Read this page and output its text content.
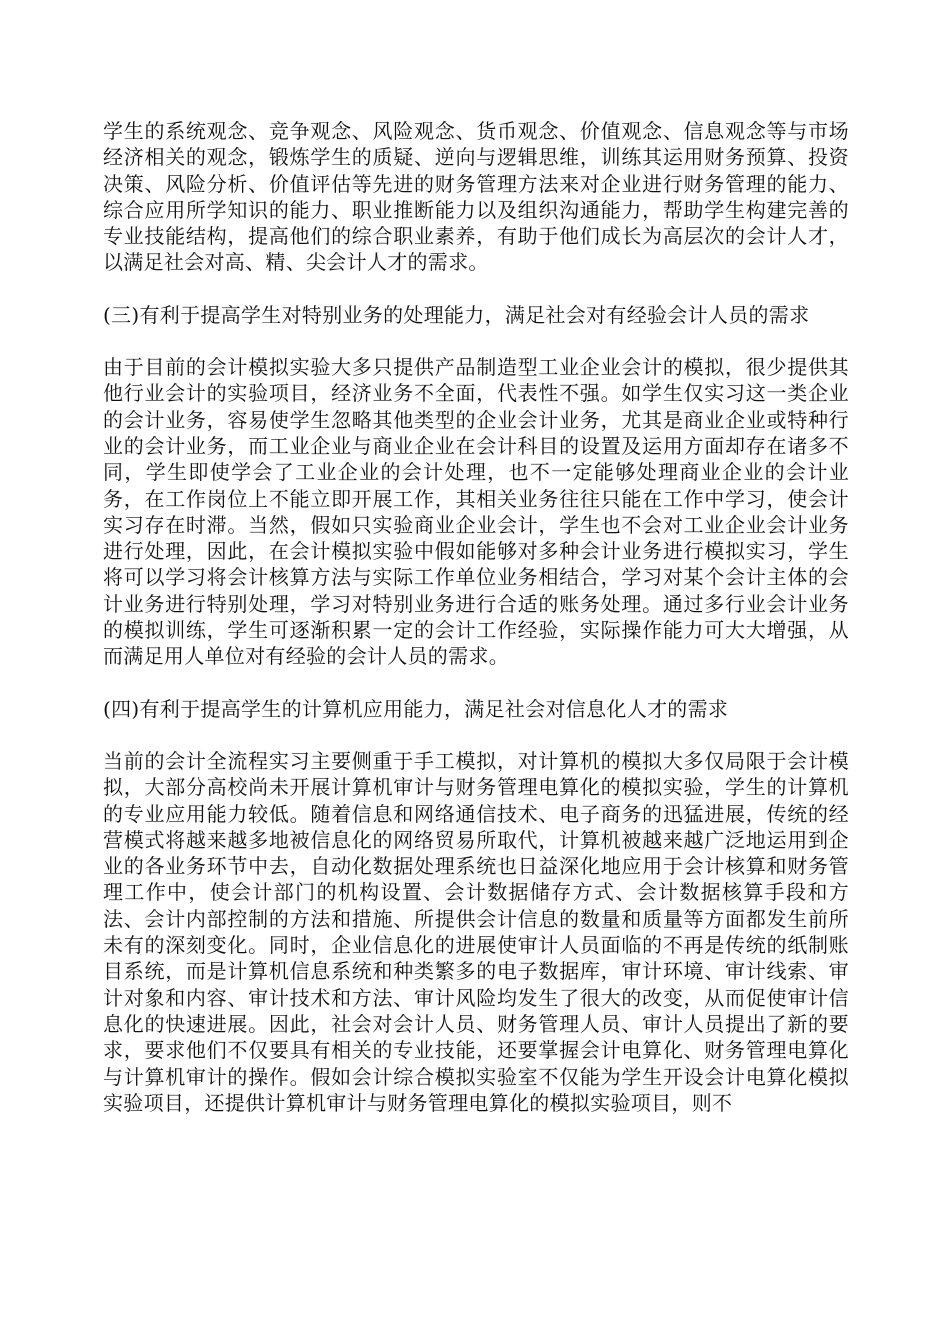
学生的系统观念、竞争观念、风险观念、货币观念、价值观念、信息观念等与市场经济相关的观念，锻炼学生的质疑、逆向与逻辑思维，训练其运用财务预算、投资决策、风险分析、价值评估等先进的财务管理方法来对企业进行财务管理的能力、综合应用所学知识的能力、职业推断能力以及组织沟通能力，帮助学生构建完善的专业技能结构，提高他们的综合职业素养，有助于他们成长为高层次的会计人才，以满足社会对高、精、尖会计人才的需求。

(三)有利于提高学生对特别业务的处理能力，满足社会对有经验会计人员的需求

由于目前的会计模拟实验大多只提供产品制造型工业企业会计的模拟，很少提供其他行业会计的实验项目，经济业务不全面，代表性不强。如学生仅实习这一类企业的会计业务，容易使学生忽略其他类型的企业会计业务，尤其是商业企业或特种行业的会计业务，而工业企业与商业企业在会计科目的设置及运用方面却存在诸多不同，学生即使学会了工业企业的会计处理，也不一定能够处理商业企业的会计业务，在工作岗位上不能立即开展工作，其相关业务往往只能在工作中学习，使会计实习存在时滞。当然，假如只实验商业企业会计，学生也不会对工业企业会计业务进行处理，因此，在会计模拟实验中假如能够对多种会计业务进行模拟实习，学生将可以学习将会计核算方法与实际工作单位业务相结合，学习对某个会计主体的会计业务进行特别处理，学习对特别业务进行合适的账务处理。通过多行业会计业务的模拟训练，学生可逐渐积累一定的会计工作经验，实际操作能力可大大增强，从而满足用人单位对有经验的会计人员的需求。

(四)有利于提高学生的计算机应用能力，满足社会对信息化人才的需求

当前的会计全流程实习主要侧重于手工模拟，对计算机的模拟大多仅局限于会计模拟，大部分高校尚未开展计算机审计与财务管理电算化的模拟实验，学生的计算机的专业应用能力较低。随着信息和网络通信技术、电子商务的迅猛进展，传统的经营模式将越来越多地被信息化的网络贸易所取代，计算机被越来越广泛地运用到企业的各业务环节中去，自动化数据处理系统也日益深化地应用于会计核算和财务管理工作中，使会计部门的机构设置、会计数据储存方式、会计数据核算手段和方法、会计内部控制的方法和措施、所提供会计信息的数量和质量等方面都发生前所未有的深刻变化。同时，企业信息化的进展使审计人员面临的不再是传统的纸制账目系统，而是计算机信息系统和种类繁多的电子数据库，审计环境、审计线索、审计对象和内容、审计技术和方法、审计风险均发生了很大的改变，从而促使审计信息化的快速进展。因此，社会对会计人员、财务管理人员、审计人员提出了新的要求，要求他们不仅要具有相关的专业技能，还要掌握会计电算化、财务管理电算化与计算机审计的操作。假如会计综合模拟实验室不仅能为学生开设会计电算化模拟实验项目，还提供计算机审计与财务管理电算化的模拟实验项目，则不
